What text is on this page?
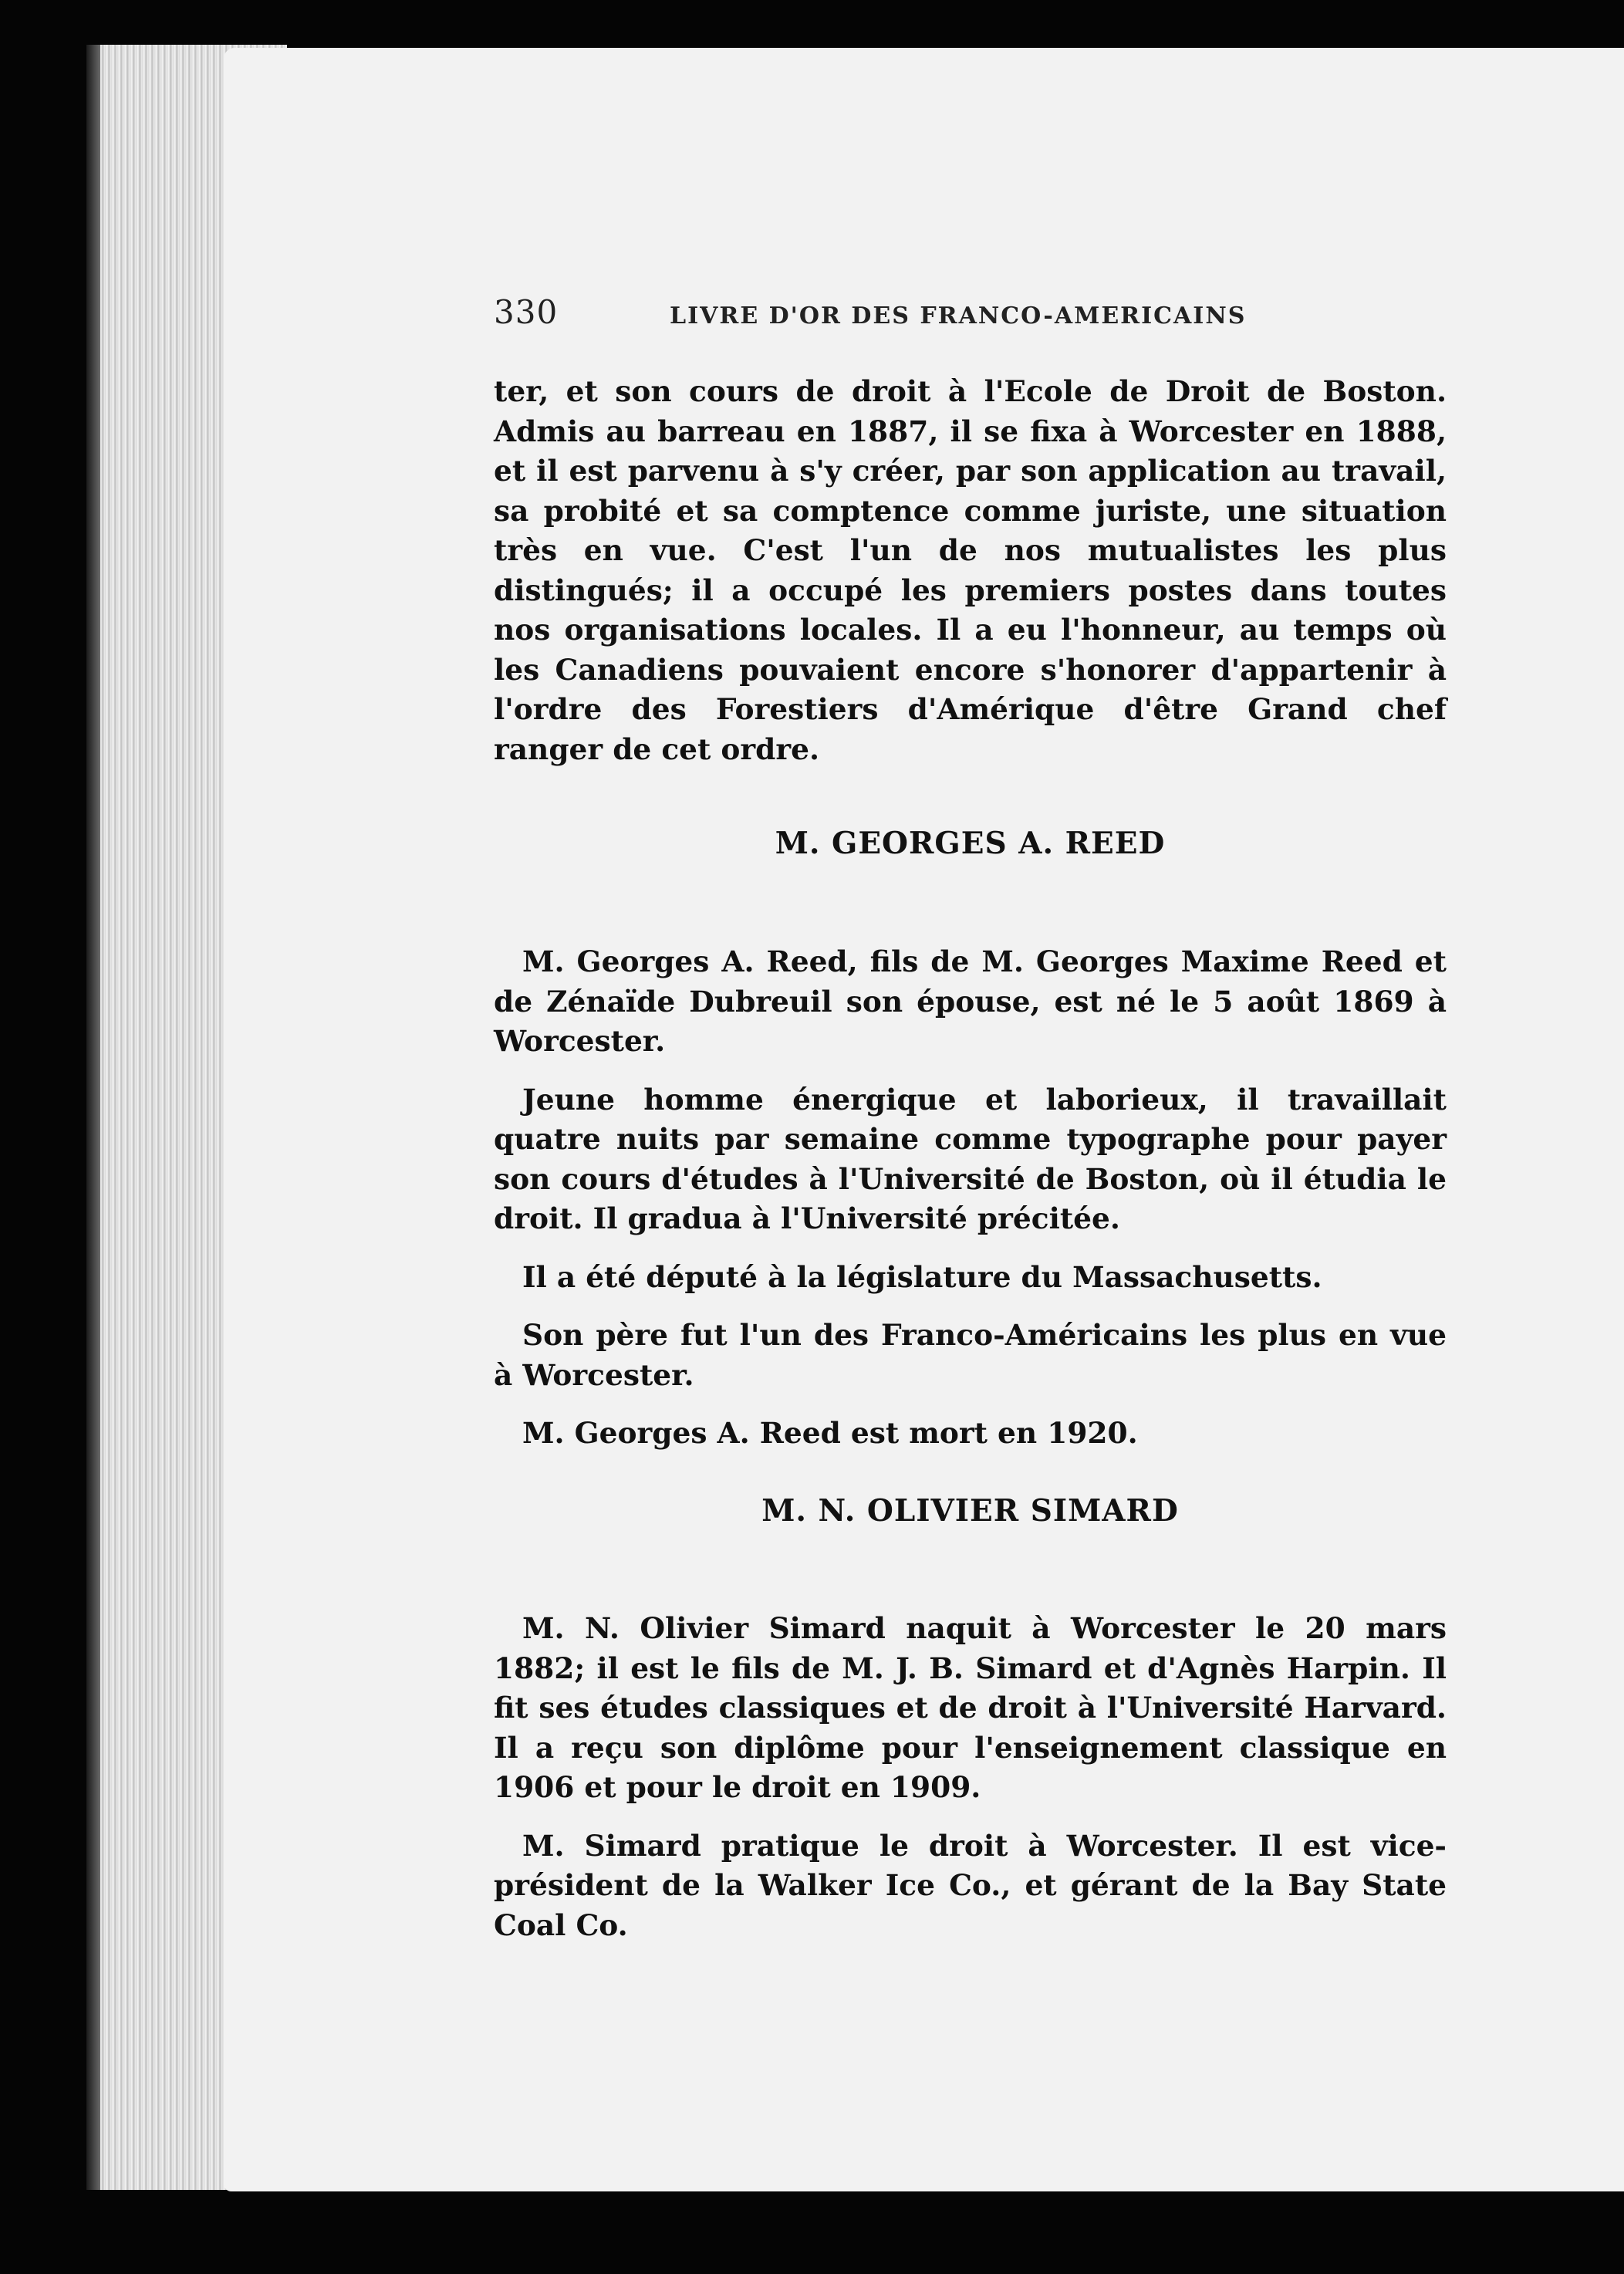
330	LIVRE D'OR DES FRANCO-AMERICAINS

ter, et son cours de droit à l'Ecole de Droit de Boston. Admis au barreau en 1887, il se fixa à Worcester en 1888, et il est parvenu à s'y créer, par son application au travail, sa probité et sa comptence comme juriste, une situation très en vue. C'est l'un de nos mutualistes les plus distingués; il a occupé les premiers postes dans toutes nos organisations locales. Il a eu l'honneur, au temps où les Canadiens pouvaient encore s'honorer d'appartenir à l'ordre des Forestiers d'Amérique d'être Grand chef ranger de cet ordre.

M. GEORGES A. REED

M. Georges A. Reed, fils de M. Georges Maxime Reed et de Zénaïde Dubreuil son épouse, est né le 5 août 1869 à Worcester.

Jeune homme énergique et laborieux, il travaillait quatre nuits par semaine comme typographe pour payer son cours d'études à l'Université de Boston, où il étudia le droit. Il gradua à l'Université précitée.

Il a été député à la législature du Massachusetts.

Son père fut l'un des Franco-Américains les plus en vue à Worcester.

M. Georges A. Reed est mort en 1920.

M. N. OLIVIER SIMARD

M. N. Olivier Simard naquit à Worcester le 20 mars 1882; il est le fils de M. J. B. Simard et d'Agnès Harpin. Il fit ses études classiques et de droit à l'Université Harvard. Il a reçu son diplôme pour l'enseignement classique en 1906 et pour le droit en 1909.

M. Simard pratique le droit à Worcester. Il est vice-président de la Walker Ice Co., et gérant de la Bay State Coal Co.
